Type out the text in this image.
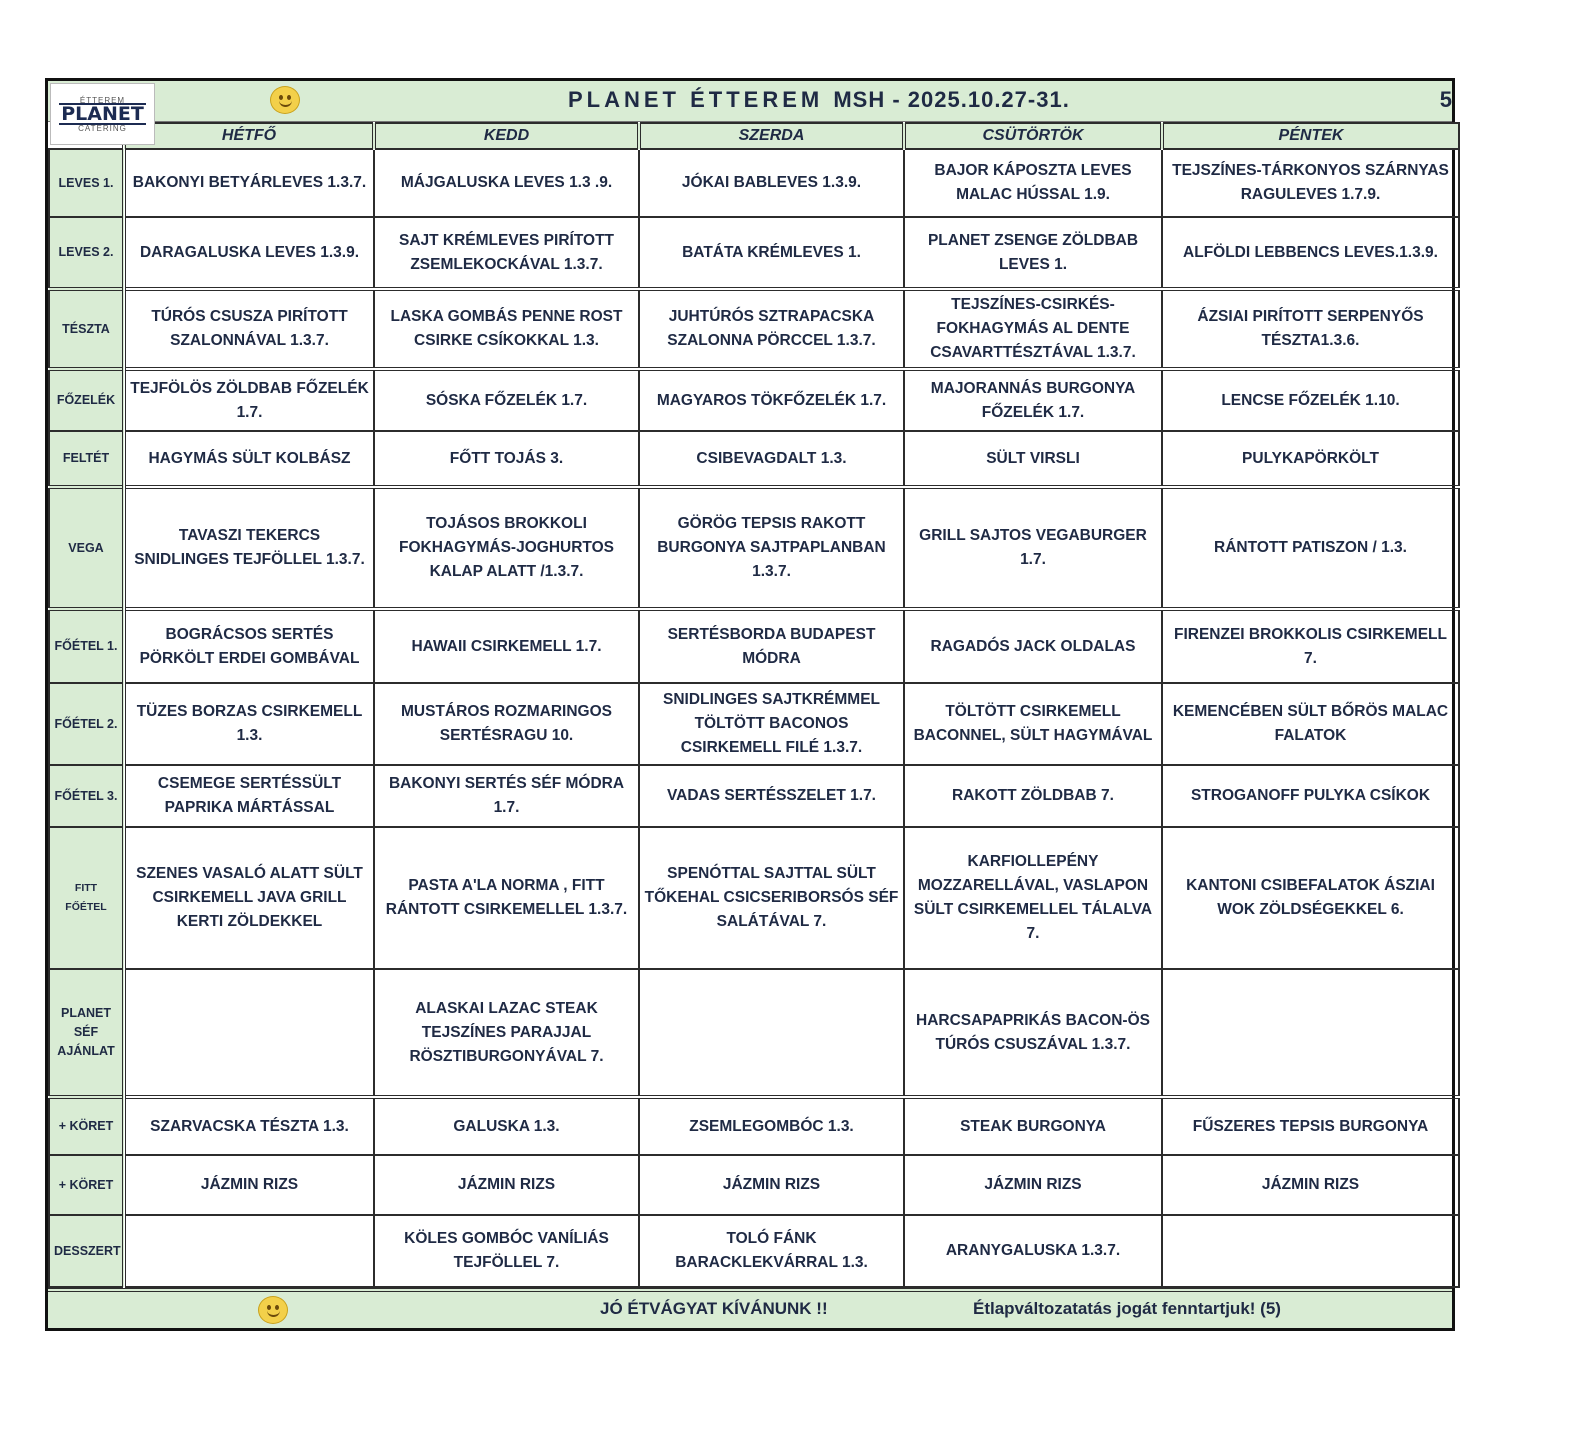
ÉTTEREM
PLANET
CATERING
PLANET ÉTTEREM MSH - 2025.10.27-31.	5
	HÉTFŐ	KEDD	SZERDA	CSÜTÖRTÖK	PÉNTEK
LEVES 1.	BAKONYI BETYÁRLEVES 1.3.7.	MÁJGALUSKA LEVES 1.3 .9.	JÓKAI BABLEVES 1.3.9.	BAJOR KÁPOSZTA LEVES MALAC HÚSSAL 1.9.	TEJSZÍNES-TÁRKONYOS SZÁRNYAS RAGULEVES 1.7.9.
LEVES 2.	DARAGALUSKA LEVES 1.3.9.	SAJT KRÉMLEVES PIRÍTOTT ZSEMLEKOCKÁVAL 1.3.7.	BATÁTA KRÉMLEVES 1.	PLANET ZSENGE ZÖLDBAB LEVES 1.	ALFÖLDI LEBBENCS LEVES.1.3.9.
TÉSZTA	TÚRÓS CSUSZA PIRÍTOTT SZALONNÁVAL 1.3.7.	LASKA GOMBÁS PENNE ROST CSIRKE CSÍKOKKAL 1.3.	JUHTÚRÓS SZTRAPACSKA SZALONNA PÖRCCEL 1.3.7.	TEJSZÍNES-CSIRKÉS-FOKHAGYMÁS AL DENTE CSAVARTTÉSZTÁVAL 1.3.7.	ÁZSIAI PIRÍTOTT SERPENYŐS TÉSZTA1.3.6.
FŐZELÉK	TEJFÖLÖS ZÖLDBAB FŐZELÉK 1.7.	SÓSKA FŐZELÉK 1.7.	MAGYAROS TÖKFŐZELÉK 1.7.	MAJORANNÁS BURGONYA FŐZELÉK 1.7.	LENCSE FŐZELÉK 1.10.
FELTÉT	HAGYMÁS SÜLT KOLBÁSZ	FŐTT TOJÁS 3.	CSIBEVAGDALT 1.3.	SÜLT VIRSLI	PULYKAPÖRKÖLT
VEGA	TAVASZI TEKERCS SNIDLINGES TEJFÖLLEL 1.3.7.	TOJÁSOS BROKKOLI FOKHAGYMÁS-JOGHURTOS KALAP ALATT /1.3.7.	GÖRÖG TEPSIS RAKOTT BURGONYA SAJTPAPLANBAN 1.3.7.	GRILL SAJTOS VEGABURGER 1.7.	RÁNTOTT PATISZON / 1.3.
FŐÉTEL 1.	BOGRÁCSOS SERTÉS PÖRKÖLT ERDEI GOMBÁVAL	HAWAII CSIRKEMELL 1.7.	SERTÉSBORDA BUDAPEST MÓDRA	RAGADÓS JACK OLDALAS	FIRENZEI BROKKOLIS CSIRKEMELL 7.
FŐÉTEL 2.	TÜZES BORZAS CSIRKEMELL 1.3.	MUSTÁROS ROZMARINGOS SERTÉSRAGU 10.	SNIDLINGES SAJTKRÉMMEL TÖLTÖTT BACONOS CSIRKEMELL FILÉ 1.3.7.	TÖLTÖTT CSIRKEMELL BACONNEL, SÜLT HAGYMÁVAL	KEMENCÉBEN SÜLT BŐRÖS MALAC FALATOK
FŐÉTEL 3.	CSEMEGE SERTÉSSÜLT PAPRIKA MÁRTÁSSAL	BAKONYI SERTÉS SÉF MÓDRA 1.7.	VADAS SERTÉSSZELET 1.7.	RAKOTT ZÖLDBAB 7.	STROGANOFF PULYKA CSÍKOK
FITT FŐÉTEL	SZENES VASALÓ ALATT SÜLT CSIRKEMELL JAVA GRILL KERTI ZÖLDEKKEL	PASTA A'LA NORMA , FITT RÁNTOTT CSIRKEMELLEL 1.3.7.	SPENÓTTAL SAJTTAL SÜLT TŐKEHAL CSICSERIBORSÓS SÉF SALÁTÁVAL 7.	KARFIOLLEPÉNY MOZZARELLÁVAL, VASLAPON SÜLT CSIRKEMELLEL TÁLALVA 7.	KANTONI CSIBEFALATOK ÁSZIAI WOK ZÖLDSÉGEKKEL 6.
PLANET SÉF AJÁNLAT		ALASKAI LAZAC STEAK TEJSZÍNES PARAJJAL RÖSZTIBURGONYÁVAL 7.		HARCSAPAPRIKÁS BACON-ÖS TÚRÓS CSUSZÁVAL 1.3.7.	
+ KÖRET	SZARVACSKA TÉSZTA 1.3.	GALUSKA 1.3.	ZSEMLEGOMBÓC 1.3.	STEAK BURGONYA	FŰSZERES TEPSIS BURGONYA
+ KÖRET	JÁZMIN RIZS	JÁZMIN RIZS	JÁZMIN RIZS	JÁZMIN RIZS	JÁZMIN RIZS
DESSZERT		KÖLES GOMBÓC VANÍLIÁS TEJFÖLLEL 7.	TOLÓ FÁNK BARACKLEKVÁRRAL 1.3.	ARANYGALUSKA 1.3.7.	
JÓ ÉTVÁGYAT KÍVÁNUNK !!	Étlapváltozatatás jogát fenntartjuk! (5)
